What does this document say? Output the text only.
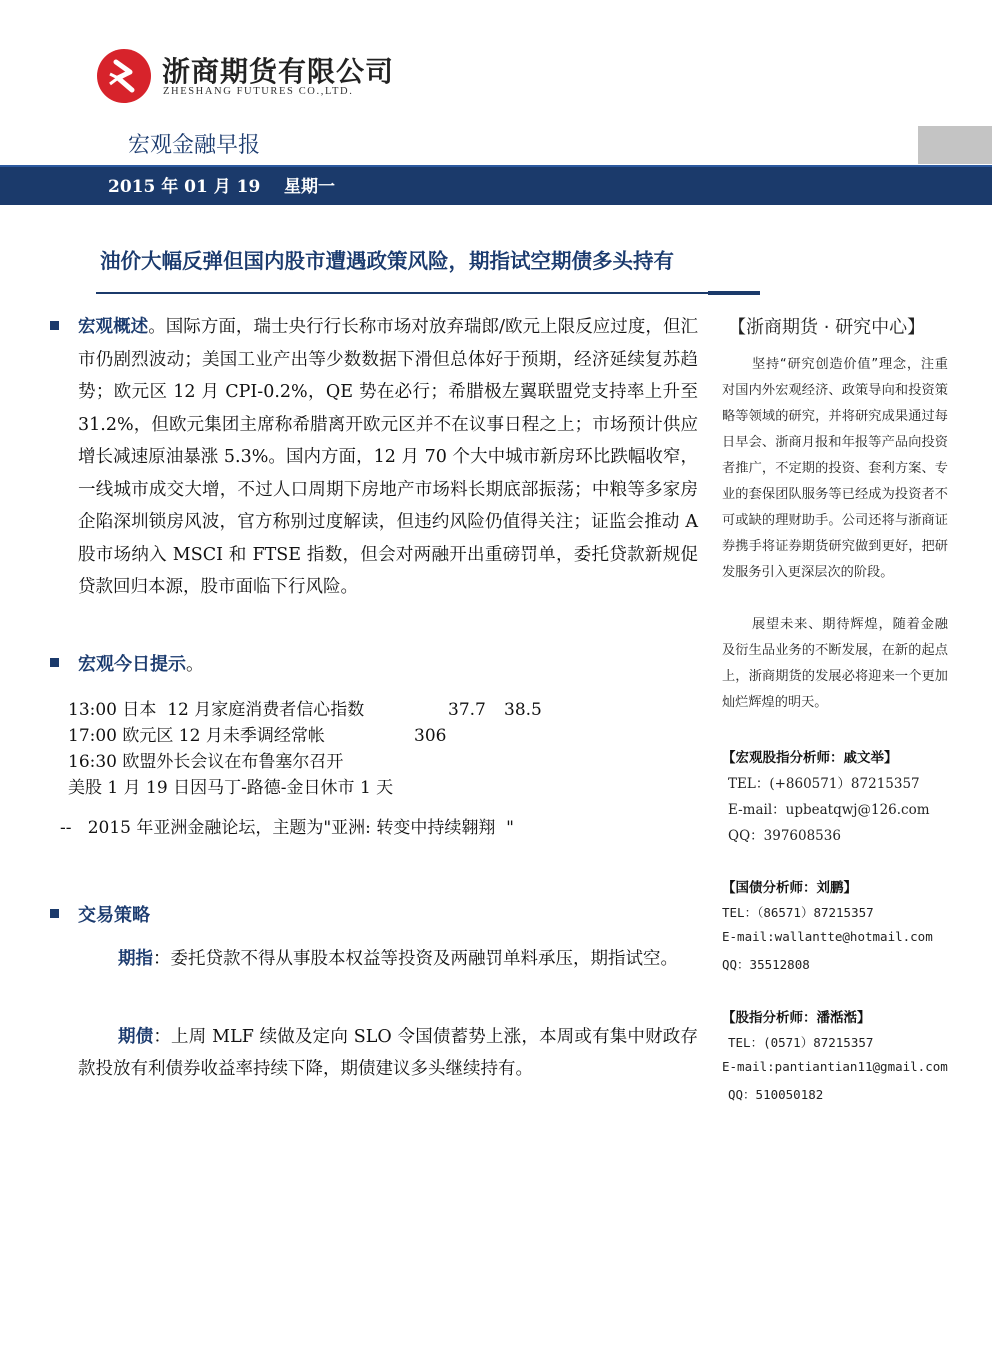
浙商期货有限公司
ZHESHANG FUTURES CO.,LTD.
宏观金融早报
2015 年 01 月 19    星期一
油价大幅反弹但国内股市遭遇政策风险，期指试空期债多头持有
宏观概述。国际方面，瑞士央行行长称市场对放弃瑞郎/欧元上限反应过度，但汇市仍剧烈波动；美国工业产出等少数数据下滑但总体好于预期，经济延续复苏趋势；欧元区 12 月 CPI-0.2%，QE 势在必行；希腊极左翼联盟党支持率上升至 31.2%，但欧元集团主席称希腊离开欧元区并不在议事日程之上；市场预计供应增长减速原油暴涨 5.3%。国内方面，12 月 70 个大中城市新房环比跌幅收窄，一线城市成交大增，不过人口周期下房地产市场料长期底部振荡；中粮等多家房企陷深圳锁房风波，官方称别过度解读，但违约风险仍值得关注；证监会推动 A 股市场纳入 MSCI 和 FTSE 指数，但会对两融开出重磅罚单，委托贷款新规促贷款回归本源，股市面临下行风险。
宏观今日提示。
13:00 日本  12 月家庭消费者信心指数	37.7 38.5
17:00 欧元区 12 月未季调经常帐	306
16:30 欧盟外长会议在布鲁塞尔召开
美股 1 月 19 日因马丁-路德-金日休市 1 天
--   2015 年亚洲金融论坛，主题为"亚洲: 转变中持续翱翔  "
交易策略
期指：委托贷款不得从事股本权益等投资及两融罚单料承压，期指试空。
期债：上周 MLF 续做及定向 SLO 令国债蓄势上涨，本周或有集中财政存款投放有利债券收益率持续下降，期债建议多头继续持有。
【浙商期货 · 研究中心】
坚持“研究创造价值”理念，注重对国内外宏观经济、政策导向和投资策略等领域的研究，并将研究成果通过每日早会、浙商月报和年报等产品向投资者推广，不定期的投资、套利方案、专业的套保团队服务等已经成为投资者不可或缺的理财助手。公司还将与浙商证券携手将证券期货研究做到更好，把研发服务引入更深层次的阶段。
展望未来、期待辉煌，随着金融及衍生品业务的不断发展，在新的起点上，浙商期货的发展必将迎来一个更加灿烂辉煌的明天。
【宏观股指分析师：戚文举】
TEL：(+860571）87215357
E-mail：upbeatqwj@126.com
QQ：397608536
【国债分析师：刘鹏】
TEL：（86571）87215357
E-mail:wallantte@hotmail.com
QQ：35512808
【股指分析师：潘湉湉】
TEL：(0571）87215357
E-mail:pantiantian11@gmail.com
QQ：510050182
